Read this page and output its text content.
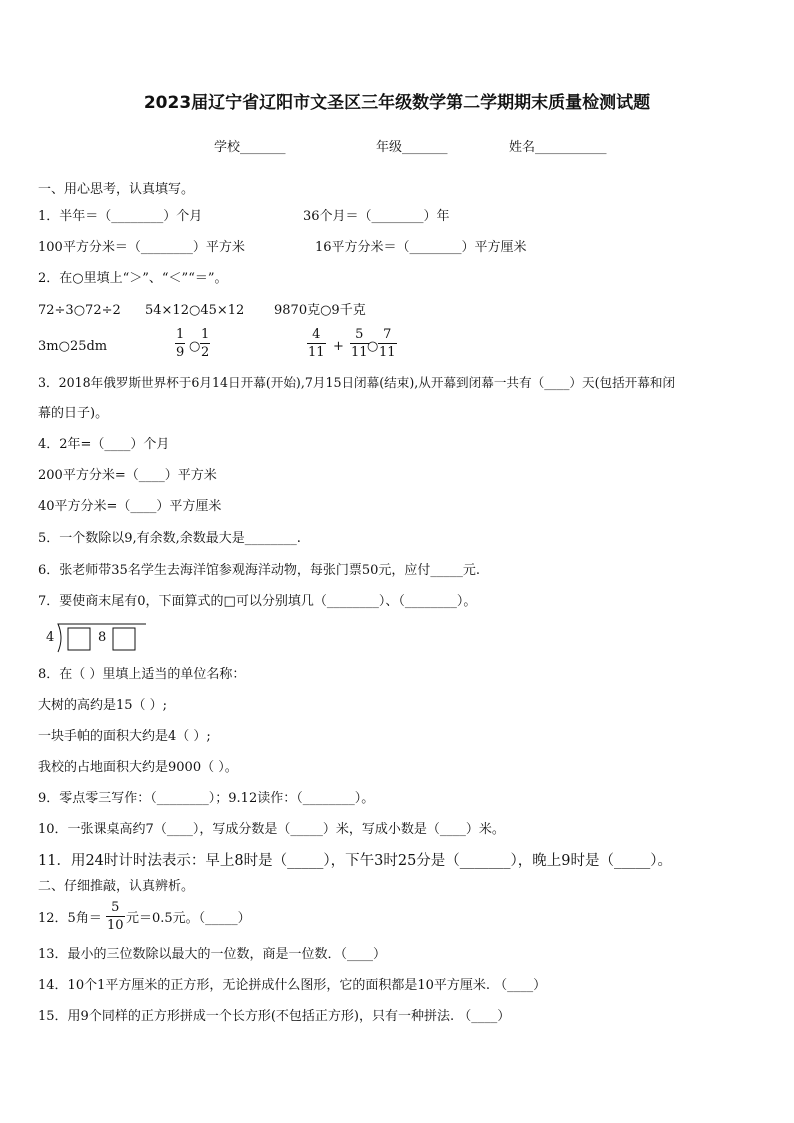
2023届辽宁省辽阳市文圣区三年级数学第二学期期末质量检测试题
学校_______	年级_______	姓名___________
一、用心思考，认真填写。
1．半年＝（________）个月	36个月＝（________）年
100平方分米＝（________）平方米	16平方分米＝（________）平方厘米
2．在○里填上“＞”、“＜”“＝”。
72÷3○72÷2 54×12○45×12 9870克○9千克
3m○25dm
1
9 ○
1
2
4
11 +
5
11 ○
7
11
3．2018年俄罗斯世界杯于6月14日开幕(开始),7月15日闭幕(结束),从开幕到闭幕一共有（____）天(包括开幕和闭
幕的日子)。
4．2年=（____）个月
200平方分米=（____）平方米
40平方分米=（____）平方厘米
5．一个数除以9,有余数,余数最大是________.
6．张老师带35名学生去海洋馆参观海洋动物，每张门票50元，应付_____元.
7．要使商末尾有0，下面算式的□可以分别填几（________）、（________）。
4	8
8．在（ ）里填上适当的单位名称：
大树的高约是15（ ）;
一块手帕的面积大约是4（ ）;
我校的占地面积大约是9000（ ）。
9．零点零三写作：（________）；9.12读作：（________）。
10．一张课桌高约7（____），写成分数是（_____）米，写成小数是（____）米。
11．用24时计时法表示：早上8时是（_____），下午3时25分是（_______），晚上9时是（_____）。
二、仔细推敲，认真辨析。
12．5角＝
5
10 元＝0.5元。（_____）
13．最小的三位数除以最大的一位数，商是一位数．（____）
14．10个1平方厘米的正方形，无论拼成什么图形，它的面积都是10平方厘米. （____）
15．用9个同样的正方形拼成一个长方形(不包括正方形)，只有一种拼法. （____）
